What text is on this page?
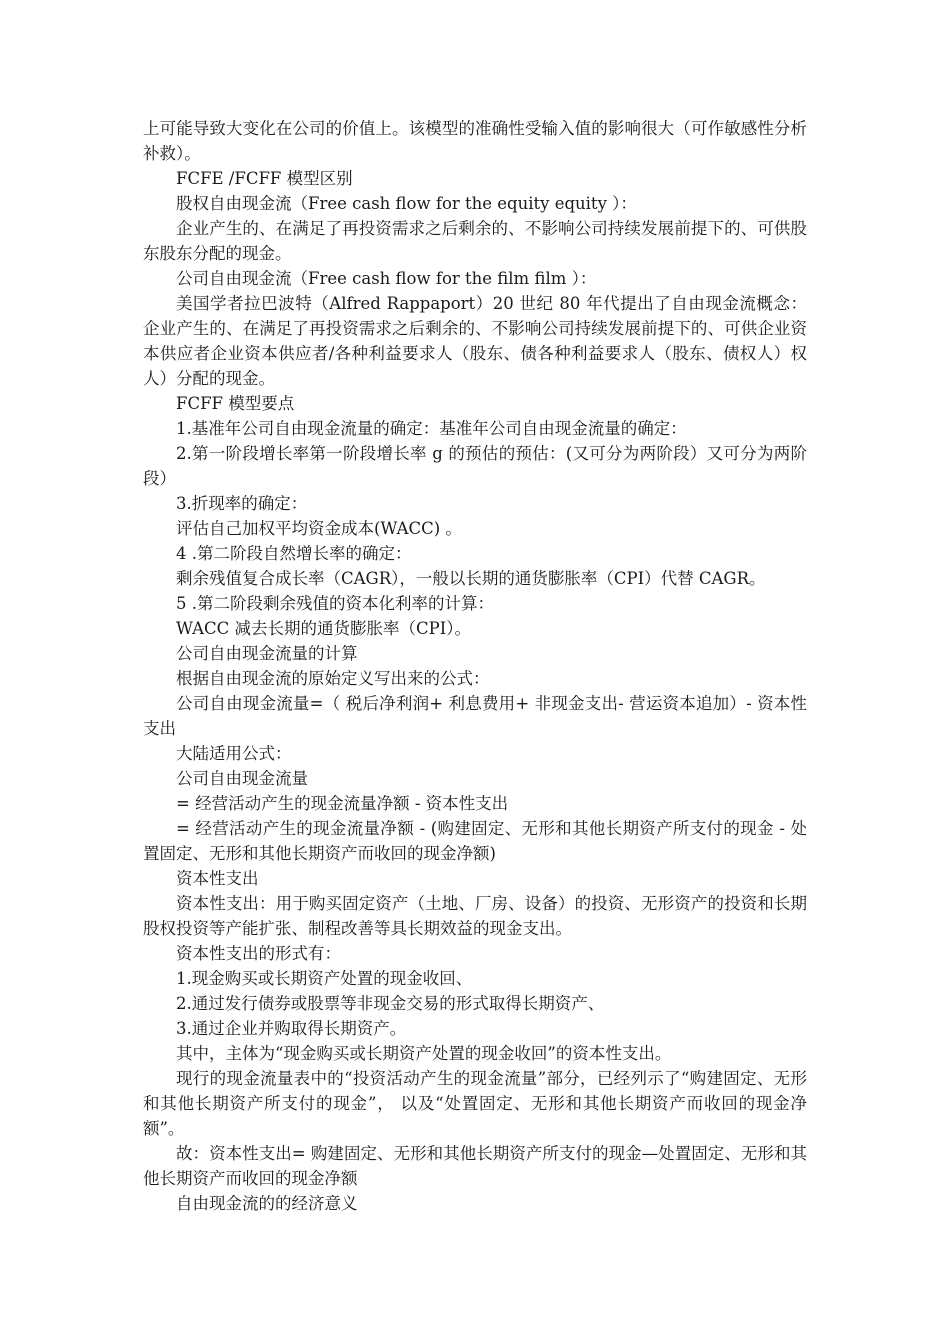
上可能导致大变化在公司的价值上。该模型的准确性受输入值的影响很大（可作敏感性分析补救）。

FCFE /FCFF 模型区别

股权自由现金流（Free cash flow for the equity equity ）：

企业产生的、在满足了再投资需求之后剩余的、不影响公司持续发展前提下的、可供股东股东分配的现金。

公司自由现金流（Free cash flow for the film film ）：

美国学者拉巴波特（Alfred Rappaport）20 世纪 80 年代提出了自由现金流概念：企业产生的、在满足了再投资需求之后剩余的、不影响公司持续发展前提下的、可供企业资本供应者企业资本供应者/各种利益要求人（股东、债各种利益要求人（股东、债权人）权人）分配的现金。

FCFF 模型要点

1.基准年公司自由现金流量的确定：基准年公司自由现金流量的确定：

2.第一阶段增长率第一阶段增长率 g 的预估的预估：(又可分为两阶段）又可分为两阶段）

3.折现率的确定：

评估自己加权平均资金成本(WACC) 。

4 .第二阶段自然增长率的确定：

剩余残值复合成长率（CAGR），一般以长期的通货膨胀率（CPI）代替 CAGR。

5 .第二阶段剩余残值的资本化利率的计算：

WACC 减去长期的通货膨胀率（CPI）。

公司自由现金流量的计算

根据自由现金流的原始定义写出来的公式：

公司自由现金流量=（ 税后净利润+ 利息费用+ 非现金支出- 营运资本追加）- 资本性支出

大陆适用公式：

公司自由现金流量

= 经营活动产生的现金流量净额 - 资本性支出

= 经营活动产生的现金流量净额 - (购建固定、无形和其他长期资产所支付的现金 - 处置固定、无形和其他长期资产而收回的现金净额)

资本性支出

资本性支出：用于购买固定资产（土地、厂房、设备）的投资、无形资产的投资和长期股权投资等产能扩张、制程改善等具长期效益的现金支出。

资本性支出的形式有：

1.现金购买或长期资产处置的现金收回、

2.通过发行债券或股票等非现金交易的形式取得长期资产、

3.通过企业并购取得长期资产。

其中，主体为“现金购买或长期资产处置的现金收回”的资本性支出。

现行的现金流量表中的“投资活动产生的现金流量”部分，已经列示了“购建固定、无形和其他长期资产所支付的现金”， 以及“处置固定、无形和其他长期资产而收回的现金净额”。

故：资本性支出= 购建固定、无形和其他长期资产所支付的现金—处置固定、无形和其他长期资产而收回的现金净额

自由现金流的的经济意义
